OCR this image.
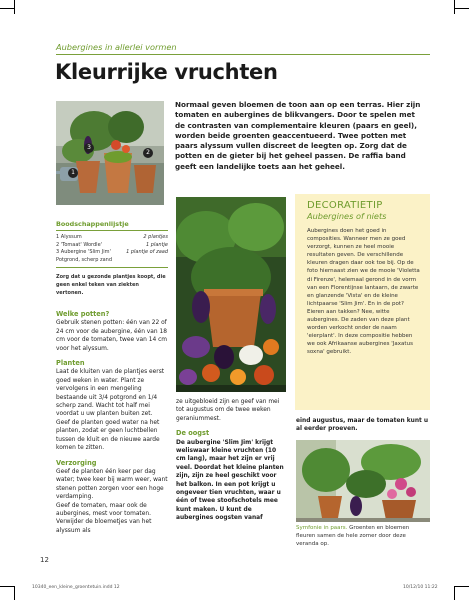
Aubergines in allerlei vormen
Kleurrijke vruchten
3
2
1
Normaal geven bloemen de toon aan op een terras. Hier zijn tomaten en aubergines de blikvangers. Door te spelen met de contrasten van complementaire kleuren (paars en geel), worden beide groenten geaccentueerd. Twee potten met paars alyssum vullen discreet de leegten op. Zorg dat de potten en de gieter bij het geheel passen. De raffia band geeft een landelijke toets aan het geheel.
Boodschappenlijstje
1 Alyssum	2 plantjes
2 'Tomaat' Wordle'	1 plantje
3 Aubergine 'Slim Jim'	1 plantje of zaad
Potgrond, scherp zand
Zorg dat u gezonde plantjes koopt, die geen enkel teken van ziekten vertonen.
Welke potten?

Gebruik stenen potten: één van 22 of 24 cm voor de aubergine, één van 18 cm voor de tomaten, twee van 14 cm voor het alyssum.

Planten

Laat de kluiten van de plantjes eerst goed weken in water. Plant ze vervolgens in een mengeling bestaande uit 3/4 potgrond en 1/4 scherp zand. Wacht tot half mei voordat u uw planten buiten zet. Geef de planten goed water na het planten, zodat er geen luchtbellen tussen de kluit en de nieuwe aarde komen te zitten.

Verzorging

Geef de planten één keer per dag water; twee keer bij warm weer, want stenen potten zorgen voor een hoge verdamping.

Geef de tomaten, maar ook de aubergines, mest voor tomaten. Verwijder de bloemetjes van het alyssum als

ze uitgebloeid zijn en geef van mei tot augustus om de twee weken geraniummest.

De oogst

De aubergine 'Slim Jim' krijgt weliswaar kleine vruchten (10 cm lang), maar het zijn er vrij veel. Doordat het kleine planten zijn, zijn ze heel geschikt voor het balkon. In een pot krijgt u ongeveer tien vruchten, waar u één of twee stoofschotels mee kunt maken. U kunt de aubergines oogsten vanaf

DECORATIETIP
Aubergines of niets
Aubergines doen het goed in composities. Wanneer men ze goed verzorgt, kunnen ze heel mooie resultaten geven. De verschillende kleuren dragen daar ook toe bij. Op de foto hiernaast zien we de mooie 'Violetta di Firenze', helemaal gerond in de vorm van een Florentijnse lantaarn, de zwarte en glanzende 'Vista' en de kleine lichtpaarse 'Slim Jim'. En in de pot? Eieren aan takken? Nee, witte aubergines. De zaden van deze plant worden verkocht onder de naam 'eierplant'. In deze compositie hebben we ook Afrikaanse aubergines 'Jaxatus soxna' gebruikt.

eind augustus, maar de tomaten kunt u al eerder proeven.

Symfonie in paars. Groenten en bloemen fleuren samen de hele zomer door deze veranda op.
12
10340_een_kleine_groentetuin.indd 12	10/12/10 11:22
